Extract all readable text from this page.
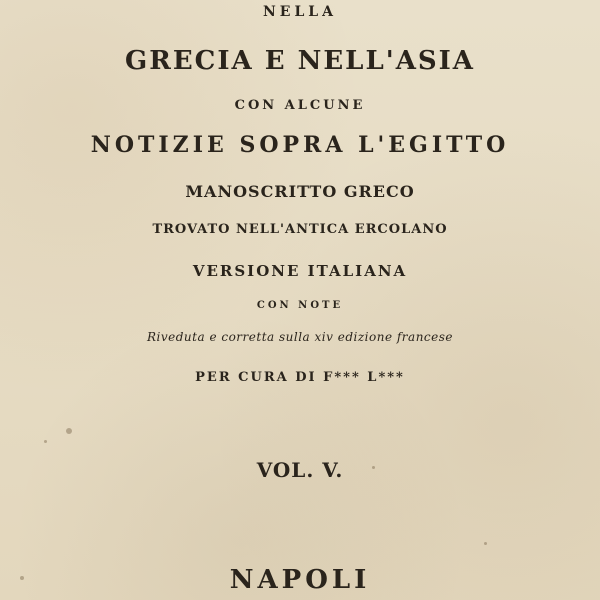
NELLA
GRECIA E NELL'ASIA
CON ALCUNE
NOTIZIE SOPRA L'EGITTO
MANOSCRITTO GRECO
TROVATO NELL'ANTICA ERCOLANO
VERSIONE ITALIANA
CON NOTE
Riveduta e corretta sulla xiv edizione francese
PER CURA DI F*** L***
VOL. V.
NAPOLI
